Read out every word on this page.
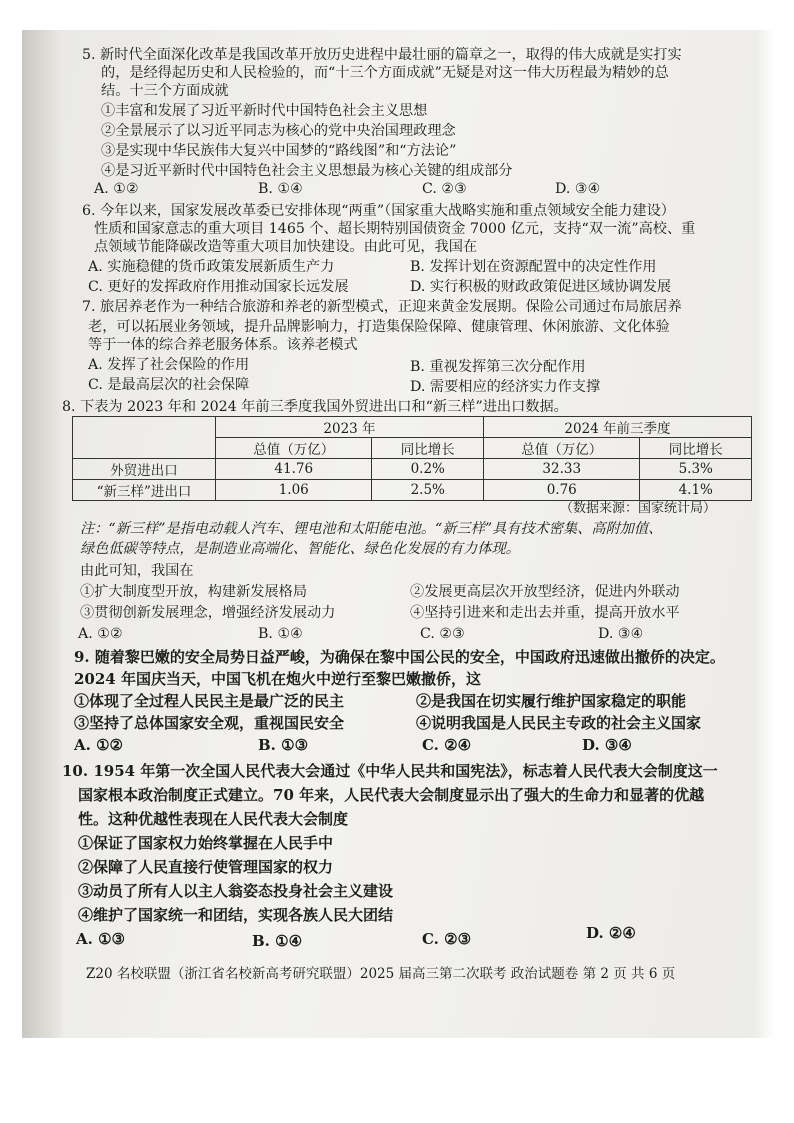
5. 新时代全面深化改革是我国改革开放历史进程中最壮丽的篇章之一，取得的伟大成就是实打实
的，是经得起历史和人民检验的，而“十三个方面成就”无疑是对这一伟大历程最为精妙的总
结。十三个方面成就
①丰富和发展了习近平新时代中国特色社会主义思想
②全景展示了以习近平同志为核心的党中央治国理政理念
③是实现中华民族伟大复兴中国梦的“路线图”和“方法论”
④是习近平新时代中国特色社会主义思想最为核心关键的组成部分
A. ①②	B. ①④	C. ②③	D. ③④
6. 今年以来，国家发展改革委已安排体现“两重”（国家重大战略实施和重点领域安全能力建设）
性质和国家意志的重大项目 1465 个、超长期特别国债资金 7000 亿元，支持“双一流”高校、重
点领域节能降碳改造等重大项目加快建设。由此可见，我国在
A. 实施稳健的货币政策发展新质生产力	B. 发挥计划在资源配置中的决定性作用
C. 更好的发挥政府作用推动国家长远发展	D. 实行积极的财政政策促进区域协调发展
7. 旅居养老作为一种结合旅游和养老的新型模式，正迎来黄金发展期。保险公司通过布局旅居养
老，可以拓展业务领域，提升品牌影响力，打造集保险保障、健康管理、休闲旅游、文化体验
等于一体的综合养老服务体系。该养老模式
A. 发挥了社会保险的作用	B. 重视发挥第三次分配作用
C. 是最高层次的社会保障	D. 需要相应的经济实力作支撑
8. 下表为 2023 年和 2024 年前三季度我国外贸进出口和“新三样”进出口数据。
	2023 年		2024 年前三季度	
	总值（万亿）	同比增长	总值（万亿）	同比增长
外贸进出口	41.76	0.2%	32.33	5.3%
“新三样”进出口	1.06	2.5%	0.76	4.1%
（数据来源：国家统计局）
注：“新三样”是指电动载人汽车、锂电池和太阳能电池。“新三样”具有技术密集、高附加值、
绿色低碳等特点，是制造业高端化、智能化、绿色化发展的有力体现。
由此可知，我国在
①扩大制度型开放，构建新发展格局	②发展更高层次开放型经济，促进内外联动
③贯彻创新发展理念，增强经济发展动力	④坚持引进来和走出去并重，提高开放水平
A. ①②	B. ①④	C. ②③	D. ③④
9. 随着黎巴嫩的安全局势日益严峻，为确保在黎中国公民的安全，中国政府迅速做出撤侨的决定。
2024 年国庆当天，中国飞机在炮火中逆行至黎巴嫩撤侨，这
①体现了全过程人民民主是最广泛的民主	②是我国在切实履行维护国家稳定的职能
③坚持了总体国家安全观，重视国民安全	④说明我国是人民民主专政的社会主义国家
A. ①②	B. ①③	C. ②④	D. ③④
10. 1954 年第一次全国人民代表大会通过《中华人民共和国宪法》，标志着人民代表大会制度这一
国家根本政治制度正式建立。70 年来，人民代表大会制度显示出了强大的生命力和显著的优越
性。这种优越性表现在人民代表大会制度
①保证了国家权力始终掌握在人民手中
②保障了人民直接行使管理国家的权力
③动员了所有人以主人翁姿态投身社会主义建设
④维护了国家统一和团结，实现各族人民大团结
A. ①③	B. ①④	C. ②③	D. ②④
Z20 名校联盟（浙江省名校新高考研究联盟）2025 届高三第二次联考 政治试题卷 第 2 页 共 6 页
